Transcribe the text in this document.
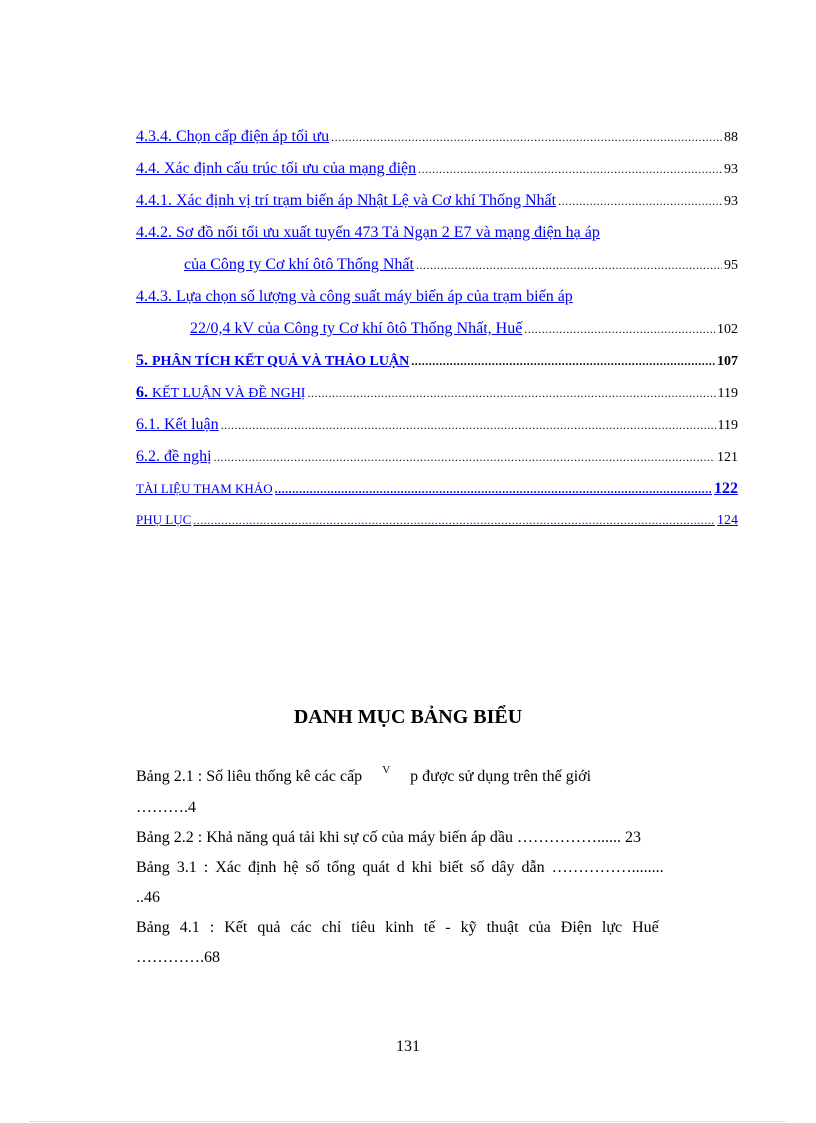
4.3.4. Chọn cấp điện áp tối ưu .....	88
4.4. Xác định cấu trúc tối ưu của mạng điện .....	93
4.4.1. Xác định vị trí trạm biến áp Nhật Lệ và Cơ khí Thống Nhất .....	93
4.4.2. Sơ đồ nối tối ưu xuất tuyến 473 Tả Ngạn 2 E7 và mạng điện hạ áp
của Công ty Cơ khí ôtô Thống Nhất .....	95
4.4.3. Lựa chọn số lượng và công suất máy biến áp của trạm biến áp
22/0,4 kV của Công ty Cơ khí ôtô Thống Nhất, Huế .....	102
5. PHÂN TÍCH KẾT QUẢ VÀ THẢO LUẬN .....	107
6. KẾT LUẬN VÀ ĐỀ NGHỊ .....	119
6.1. Kết luận .....	119
6.2. đề nghị .....	121
TÀI LIỆU THAM KHẢO .....	122
PHỤ LỤC .....	124
DANH MỤC BẢNG BIỂU
Bảng 2.1 : Số liêu thống kê các cấp V p được sử dụng trên thế giới
……….4
Bảng 2.2 : Khả năng quá tải khi sự cố của máy biến áp dầu ……………...... 23
Bảng 3.1 : Xác định hệ số tổng quát d khi biết số dây dẫn ……………........
..46
Bảng 4.1 : Kết quả các chỉ tiêu kinh tế - kỹ thuật của Điện lực Huế
………….68
131
